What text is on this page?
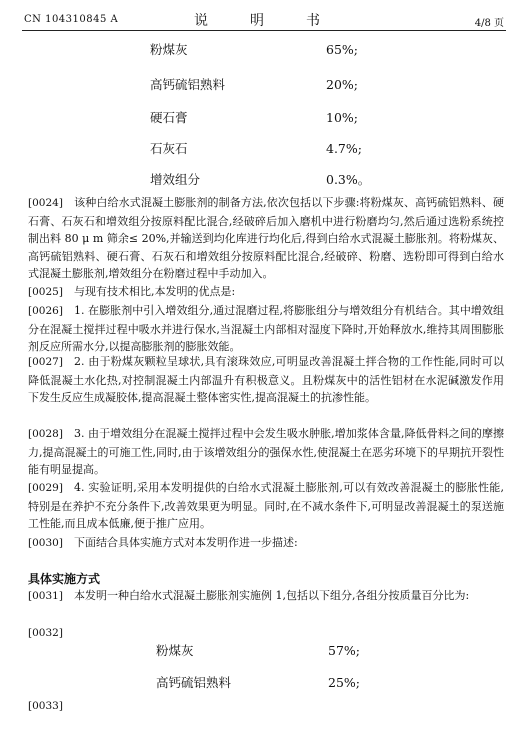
CN 104310845 A	说　明　书	4/8 页
粉煤灰	65%;
高钙硫铝熟料	20%;
硬石膏	10%;
石灰石	4.7%;
增效组分	0.3%。
[0024] 该种白给水式混凝土膨胀剂的制备方法,依次包括以下步骤:将粉煤灰、高钙硫铝熟料、硬石膏、石灰石和增效组分按原料配比混合,经破碎后加入磨机中进行粉磨均匀,然后通过选粉系统控制出料 80 μ m 筛余≤ 20%,并输送到均化库进行均化后,得到白给水式混凝土膨胀剂。将粉煤灰、高钙硫铝熟料、硬石膏、石灰石和增效组分按原料配比混合,经破碎、粉磨、选粉即可得到白给水式混凝土膨胀剂,增效组分在粉磨过程中手动加入。
[0025] 与现有技术相比,本发明的优点是:
[0026] 1. 在膨胀剂中引入增效组分,通过混磨过程,将膨胀组分与增效组分有机结合。其中增效组分在混凝土搅拌过程中吸水并进行保水,当混凝土内部相对湿度下降时,开始释放水,维持其周围膨胀剂反应所需水分,以提高膨胀剂的膨胀效能。
[0027] 2. 由于粉煤灰颗粒呈球状,具有滚珠效应,可明显改善混凝土拌合物的工作性能,同时可以降低混凝土水化热,对控制混凝土内部温升有积极意义。且粉煤灰中的活性铝材在水泥碱激发作用下发生反应生成凝胶体,提高混凝土整体密实性,提高混凝土的抗渗性能。
[0028] 3. 由于增效组分在混凝土搅拌过程中会发生吸水肿胀,增加浆体含量,降低骨料之间的摩擦力,提高混凝土的可施工性,同时,由于该增效组分的强保水性,使混凝土在恶劣环境下的早期抗开裂性能有明显提高。
[0029] 4. 实验证明,采用本发明提供的白给水式混凝土膨胀剂,可以有效改善混凝土的膨胀性能,特别是在养护不充分条件下,改善效果更为明显。同时,在不减水条件下,可明显改善混凝土的泵送施工性能,而且成本低廉,便于推广应用。
[0030] 下面结合具体实施方式对本发明作进一步描述:
具体实施方式
[0031] 本发明一种白给水式混凝土膨胀剂实施例 1,包括以下组分,各组分按质量百分比为:
[0032]
粉煤灰	57%;
高钙硫铝熟料	25%;
[0033]
